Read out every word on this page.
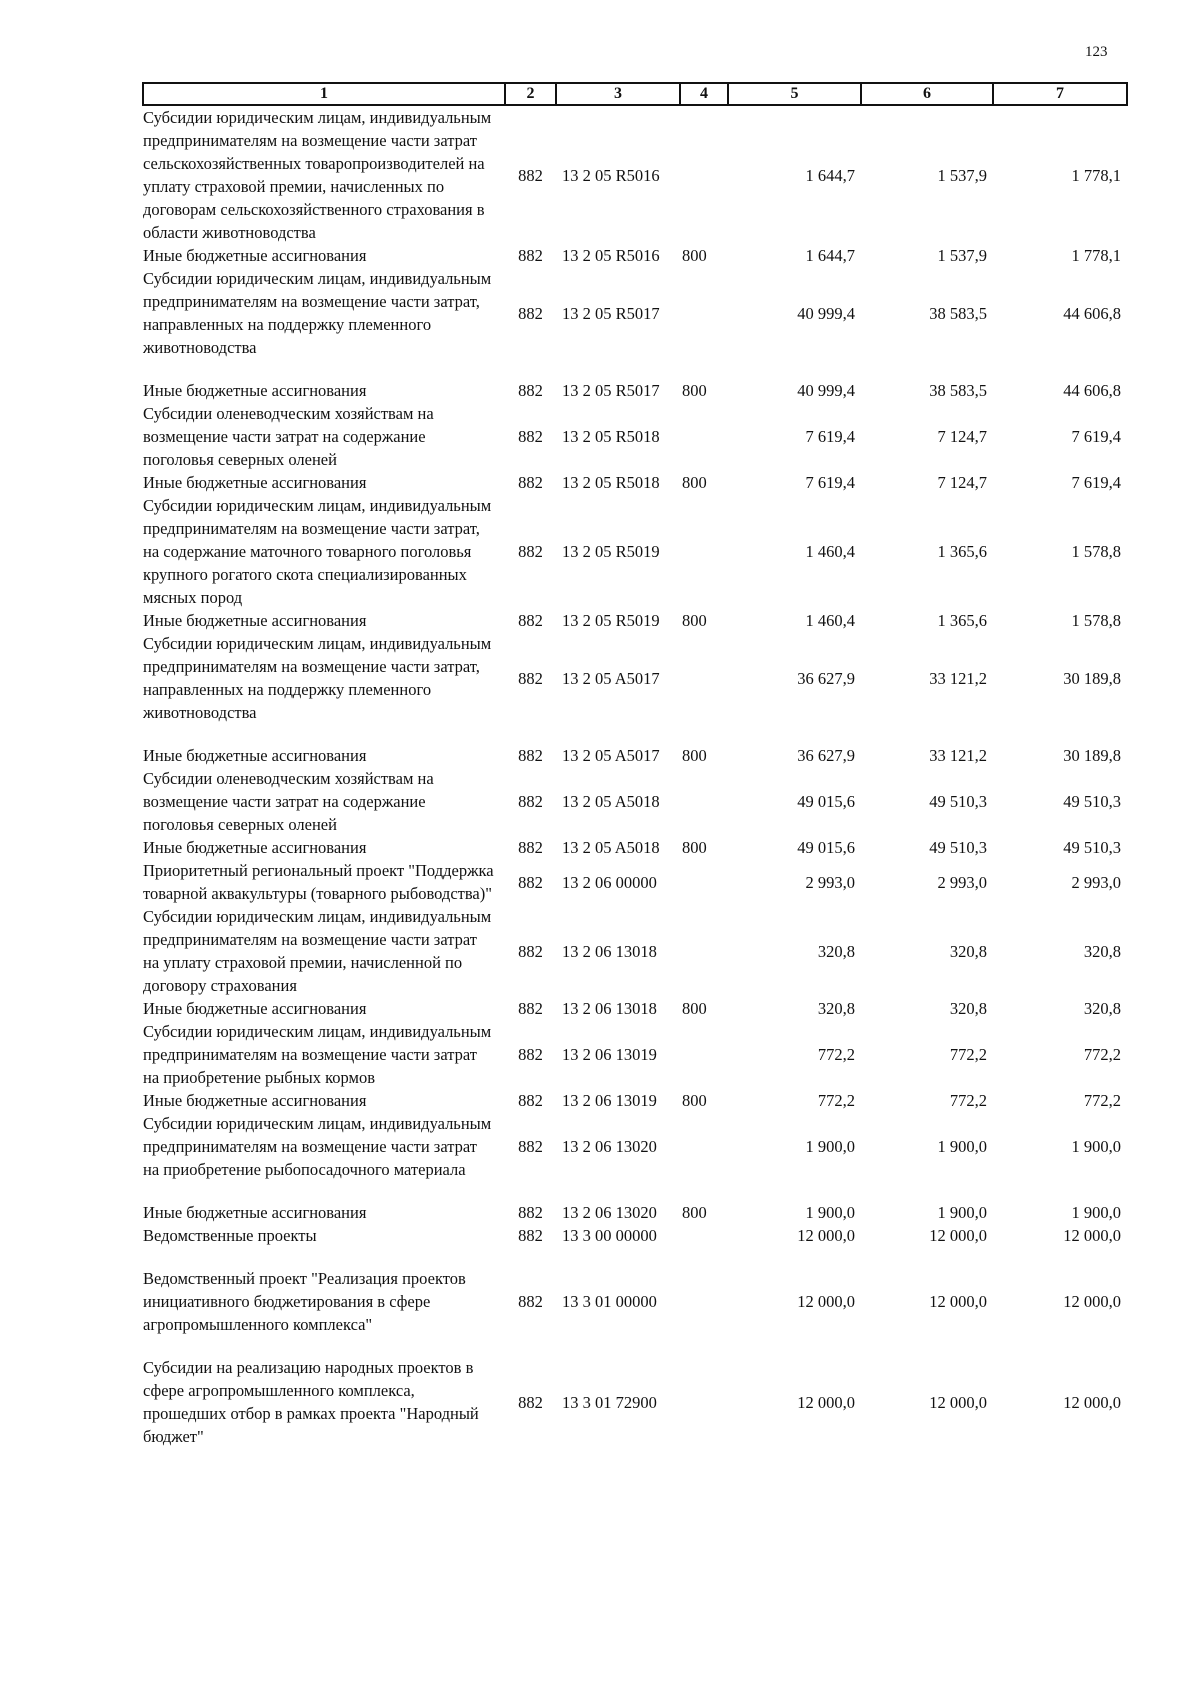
123
1	2	3	4	5	6	7
Субсидии юридическим лицам, индивидуальным предпринимателям на возмещение части затрат сельскохозяйственных товаропроизводителей на уплату страховой премии, начисленных по договорам сельскохозяйственного страхования в области животноводства	882	13 2 05 R5016		1 644,7	1 537,9	1 778,1
Иные бюджетные ассигнования	882	13 2 05 R5016	800	1 644,7	1 537,9	1 778,1
Субсидии юридическим лицам, индивидуальным предпринимателям на возмещение части затрат, направленных на поддержку племенного животноводства	882	13 2 05 R5017		40 999,4	38 583,5	44 606,8
Иные бюджетные ассигнования	882	13 2 05 R5017	800	40 999,4	38 583,5	44 606,8
Субсидии оленеводческим хозяйствам на возмещение части затрат на содержание поголовья северных оленей	882	13 2 05 R5018		7 619,4	7 124,7	7 619,4
Иные бюджетные ассигнования	882	13 2 05 R5018	800	7 619,4	7 124,7	7 619,4
Субсидии юридическим лицам, индивидуальным предпринимателям на возмещение части затрат, на содержание маточного товарного поголовья крупного рогатого скота специализированных мясных пород	882	13 2 05 R5019		1 460,4	1 365,6	1 578,8
Иные бюджетные ассигнования	882	13 2 05 R5019	800	1 460,4	1 365,6	1 578,8
Субсидии юридическим лицам, индивидуальным предпринимателям на возмещение части затрат, направленных на поддержку племенного животноводства	882	13 2 05 A5017		36 627,9	33 121,2	30 189,8
Иные бюджетные ассигнования	882	13 2 05 A5017	800	36 627,9	33 121,2	30 189,8
Субсидии оленеводческим хозяйствам на возмещение части затрат на содержание поголовья северных оленей	882	13 2 05 A5018		49 015,6	49 510,3	49 510,3
Иные бюджетные ассигнования	882	13 2 05 A5018	800	49 015,6	49 510,3	49 510,3
Приоритетный региональный проект "Поддержка товарной аквакультуры (товарного рыбоводства)"	882	13 2 06 00000		2 993,0	2 993,0	2 993,0
Субсидии юридическим лицам, индивидуальным предпринимателям на возмещение части затрат на уплату страховой премии, начисленной по договору страхования	882	13 2 06 13018		320,8	320,8	320,8
Иные бюджетные ассигнования	882	13 2 06 13018	800	320,8	320,8	320,8
Субсидии юридическим лицам, индивидуальным предпринимателям на возмещение части затрат на приобретение рыбных кормов	882	13 2 06 13019		772,2	772,2	772,2
Иные бюджетные ассигнования	882	13 2 06 13019	800	772,2	772,2	772,2
Субсидии юридическим лицам, индивидуальным предпринимателям на возмещение части затрат на приобретение рыбопосадочного материала	882	13 2 06 13020		1 900,0	1 900,0	1 900,0
Иные бюджетные ассигнования	882	13 2 06 13020	800	1 900,0	1 900,0	1 900,0
Ведомственные проекты	882	13 3 00 00000		12 000,0	12 000,0	12 000,0
Ведомственный проект "Реализация проектов инициативного бюджетирования в сфере агропромышленного комплекса"	882	13 3 01 00000		12 000,0	12 000,0	12 000,0
Субсидии на реализацию народных проектов в сфере агропромышленного комплекса, прошедших отбор в рамках проекта "Народный бюджет"	882	13 3 01 72900		12 000,0	12 000,0	12 000,0
